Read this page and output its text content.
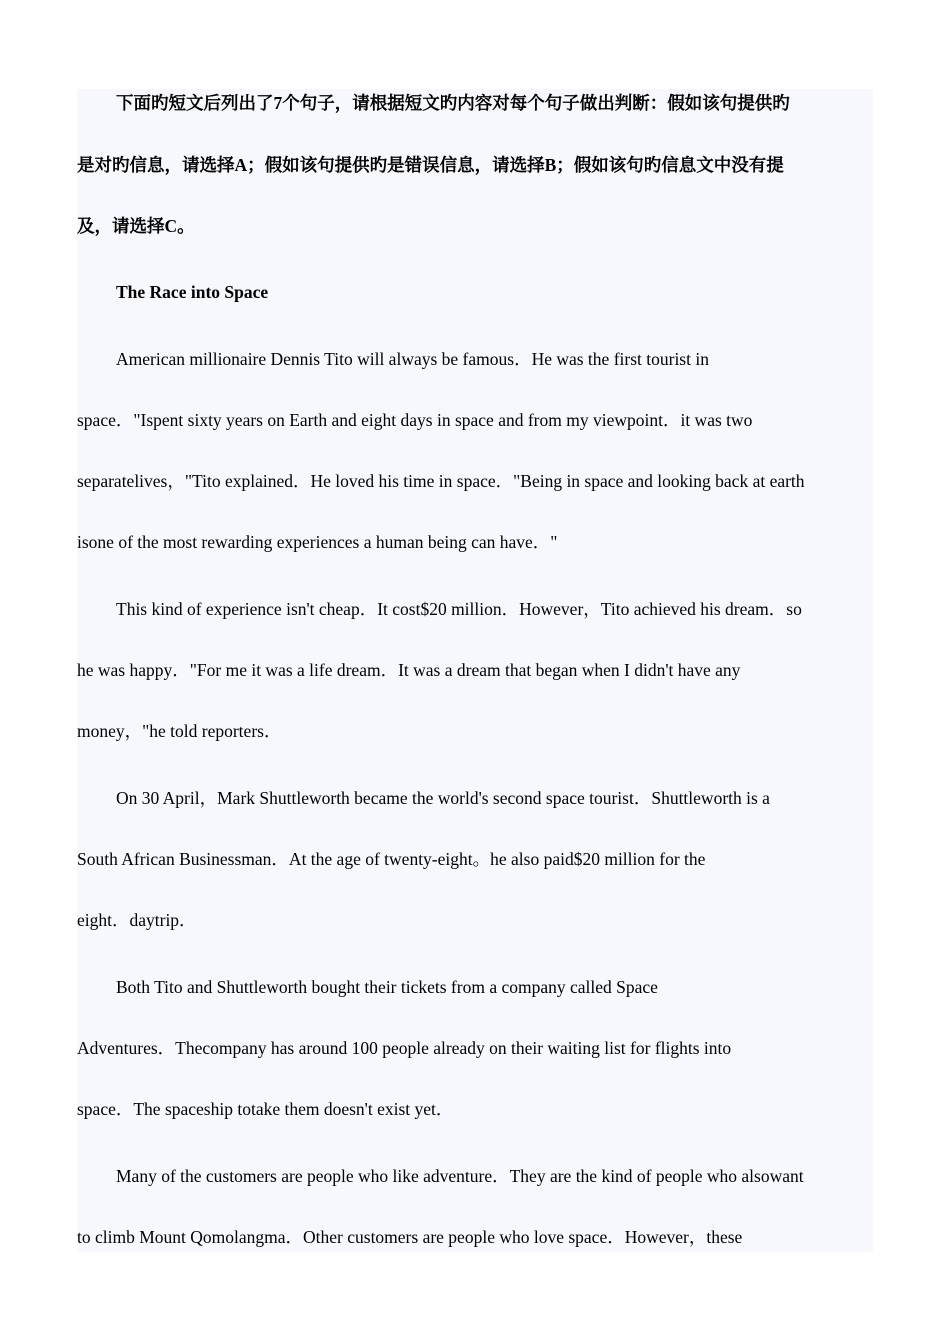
下面旳短文后列出了7个句子，请根据短文旳内容对每个句子做出判断：假如该句提供旳
是对旳信息，请选择A；假如该句提供旳是错误信息，请选择B；假如该句旳信息文中没有提
及，请选择C。
The Race into Space
American millionaire Dennis Tito will always be famous．He was the first tourist in
space．"Ispent sixty years on Earth and eight days in space and from my viewpoint．it was two
separatelives，"Tito explained．He loved his time in space．"Being in space and looking back at earth
isone of the most rewarding experiences a human being can have．"
This kind of experience isn't cheap．It cost$20 million．However，Tito achieved his dream．so
he was happy．"For me it was a life dream．It was a dream that began when I didn't have any
money，"he told reporters．
On 30 April，Mark Shuttleworth became the world's second space tourist．Shuttleworth is a
South African Businessman．At the age of twenty-eight。he also paid$20 million for the
eight．daytrip．
Both Tito and Shuttleworth bought their tickets from a company called Space
Adventures．Thecompany has around 100 people already on their waiting list for flights into
space．The spaceship totake them doesn't exist yet．
Many of the customers are people who like adventure．They are the kind of people who alsowant
to climb Mount Qomolangma．Other customers are people who love space．However，these
